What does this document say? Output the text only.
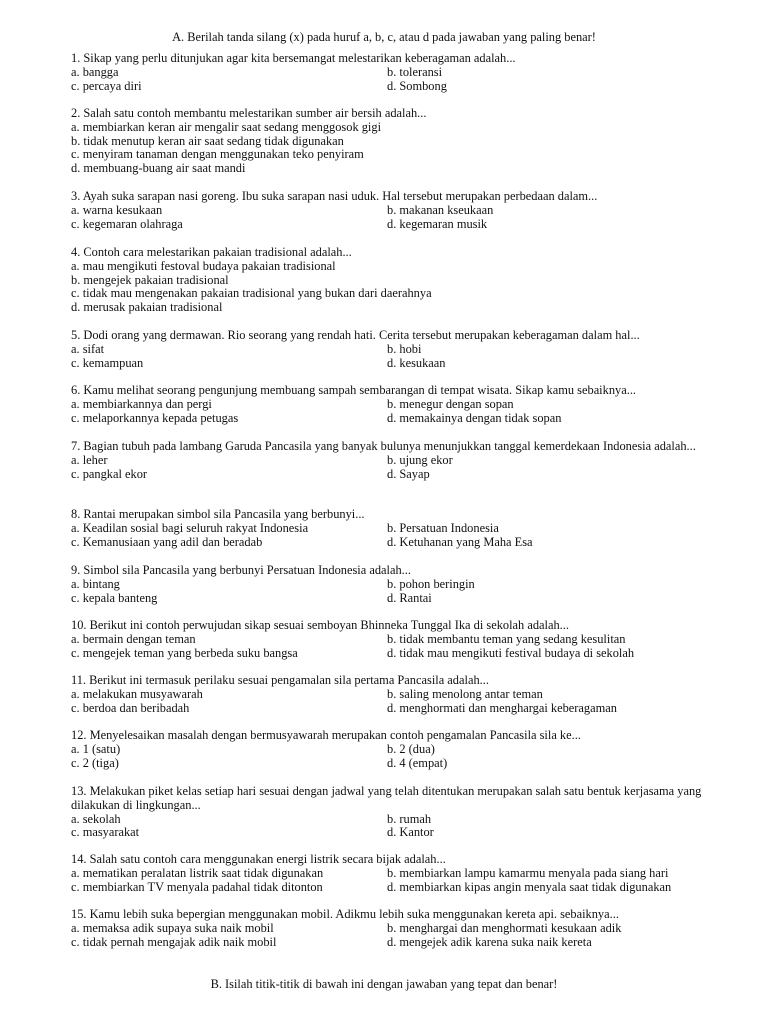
A. Berilah tanda silang (x) pada huruf a, b, c, atau d pada jawaban yang paling benar!
1. Sikap yang perlu ditunjukan agar kita bersemangat melestarikan keberagaman adalah...
a. bangga	b. toleransi
c. percaya diri	d. Sombong
2. Salah satu contoh membantu melestarikan sumber air bersih adalah...
a. membiarkan keran air mengalir saat sedang menggosok gigi
b. tidak menutup keran air saat sedang tidak digunakan
c. menyiram tanaman dengan menggunakan teko penyiram
d. membuang-buang air saat mandi
3. Ayah suka sarapan nasi goreng. Ibu suka sarapan nasi uduk. Hal tersebut merupakan perbedaan dalam...
a. warna kesukaan	b. makanan kseukaan
c. kegemaran olahraga	d. kegemaran musik
4. Contoh cara melestarikan pakaian tradisional adalah...
a. mau mengikuti festoval budaya pakaian tradisional
b. mengejek pakaian tradisional
c. tidak mau mengenakan pakaian tradisional yang bukan dari daerahnya
d. merusak pakaian tradisional
5. Dodi orang yang dermawan. Rio seorang yang rendah hati. Cerita tersebut merupakan keberagaman dalam hal...
a. sifat	b. hobi
c. kemampuan	d. kesukaan
6. Kamu melihat seorang pengunjung membuang sampah sembarangan di tempat wisata. Sikap kamu sebaiknya...
a. membiarkannya dan pergi	b. menegur dengan sopan
c. melaporkannya kepada petugas	d. memakainya dengan tidak sopan
7. Bagian tubuh pada lambang Garuda Pancasila yang banyak bulunya menunjukkan tanggal kemerdekaan Indonesia adalah...
a. leher	b. ujung ekor
c. pangkal ekor	d. Sayap
8. Rantai merupakan simbol sila Pancasila yang berbunyi...
a. Keadilan sosial bagi seluruh rakyat Indonesia	b. Persatuan Indonesia
c. Kemanusiaan yang adil dan beradab	d. Ketuhanan yang Maha Esa
9. Simbol sila Pancasila yang berbunyi Persatuan Indonesia adalah...
a. bintang	b. pohon beringin
c. kepala banteng	d. Rantai
10. Berikut ini contoh perwujudan sikap sesuai semboyan Bhinneka Tunggal Ika di sekolah adalah...
a. bermain dengan teman	b. tidak membantu teman yang sedang kesulitan
c. mengejek teman yang berbeda suku bangsa	d. tidak mau mengikuti festival budaya di sekolah
11. Berikut ini termasuk perilaku sesuai pengamalan sila pertama Pancasila adalah...
a. melakukan musyawarah	b. saling menolong antar teman
c. berdoa dan beribadah	d. menghormati dan menghargai keberagaman
12. Menyelesaikan masalah dengan bermusyawarah merupakan contoh pengamalan Pancasila sila ke...
a. 1 (satu)	b. 2 (dua)
c. 2 (tiga)	d. 4 (empat)
13. Melakukan piket kelas setiap hari sesuai dengan jadwal yang telah ditentukan merupakan salah satu bentuk kerjasama yang dilakukan di lingkungan...
a. sekolah	b. rumah
c. masyarakat	d. Kantor
14. Salah satu contoh cara menggunakan energi listrik secara bijak adalah...
a. mematikan peralatan listrik saat tidak digunakan	b. membiarkan lampu kamarmu menyala pada siang hari
c. membiarkan TV menyala padahal tidak ditonton	d. membiarkan kipas angin menyala saat tidak digunakan
15. Kamu lebih suka bepergian menggunakan mobil. Adikmu lebih suka menggunakan kereta api. sebaiknya...
a. memaksa adik supaya suka naik mobil	b. menghargai dan menghormati kesukaan adik
c. tidak pernah mengajak adik naik mobil	d. mengejek adik karena suka naik kereta
B. Isilah titik-titik di bawah ini dengan jawaban yang tepat dan benar!
